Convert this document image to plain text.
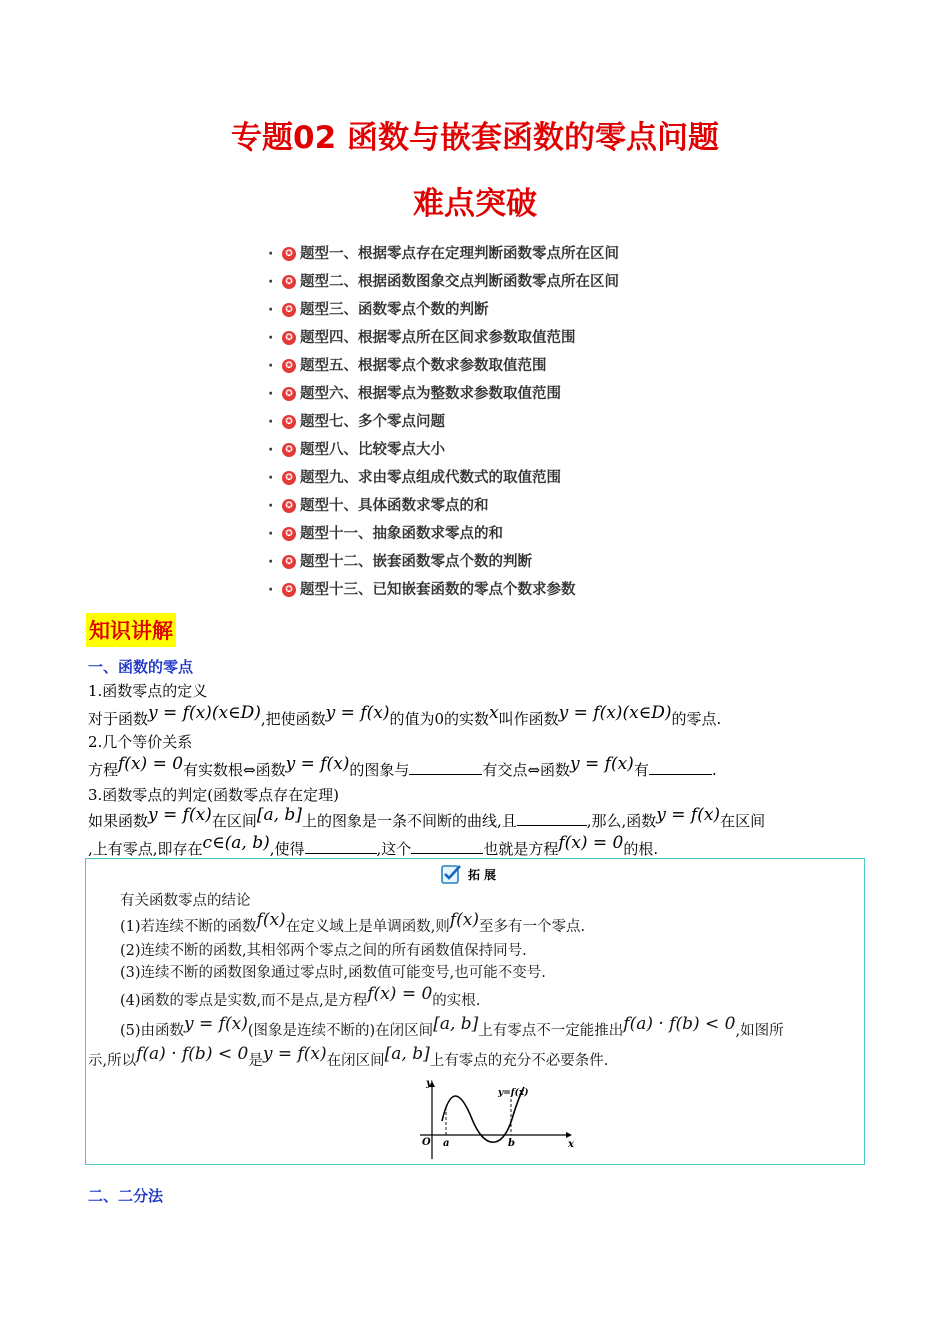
专题02 函数与嵌套函数的零点问题
难点突破
·	✪ 题型一、根据零点存在定理判断函数零点所在区间
·	✪ 题型二、根据函数图象交点判断函数零点所在区间
·	✪ 题型三、函数零点个数的判断
·	✪ 题型四、根据零点所在区间求参数取值范围
·	✪ 题型五、根据零点个数求参数取值范围
·	✪ 题型六、根据零点为整数求参数取值范围
·	✪ 题型七、多个零点问题
·	✪ 题型八、比较零点大小
·	✪ 题型九、求由零点组成代数式的取值范围
·	✪ 题型十、具体函数求零点的和
·	✪ 题型十一、抽象函数求零点的和
·	✪ 题型十二、嵌套函数零点个数的判断
·	✪ 题型十三、已知嵌套函数的零点个数求参数
知识讲解
一、函数的零点
1.函数零点的定义
对于函数y = f(x)(x∈D),把使函数y = f(x)的值为0的实数x叫作函数y = f(x)(x∈D)的零点.
2.几个等价关系
方程f(x) = 0有实数根⇔函数y = f(x)的图象与	有交点⇔函数y = f(x)有	.
3.函数零点的判定(函数零点存在定理)
如果函数y = f(x)在区间[a, b]上的图象是一条不间断的曲线,且	,那么,函数y = f(x)在区间
,上有零点,即存在c∈(a, b),使得	,这个	也就是方程f(x) = 0的根.
拓展
有关函数零点的结论
(1)若连续不断的函数f(x)在定义域上是单调函数,则f(x)至多有一个零点.
(2)连续不断的函数,其相邻两个零点之间的所有函数值保持同号.
(3)连续不断的函数图象通过零点时,函数值可能变号,也可能不变号.
(4)函数的零点是实数,而不是点,是方程f(x) = 0的实根.
(5)由函数y = f(x)(图象是连续不断的)在闭区间[a, b]上有零点不一定能推出f(a) · f(b) < 0,如图所
示,所以f(a) · f(b) < 0是y = f(x)在闭区间[a, b]上有零点的充分不必要条件.
y
x
O a	b
y=f(x)
二、二分法
